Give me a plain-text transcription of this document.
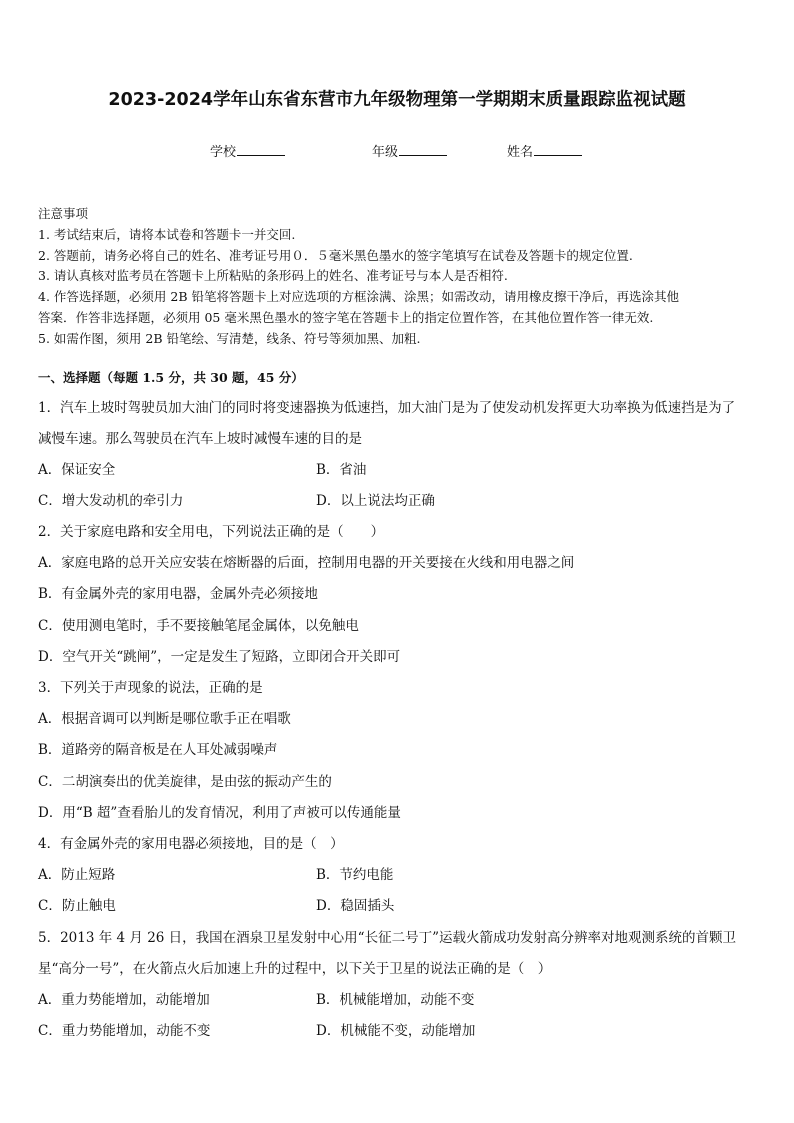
2023-2024学年山东省东营市九年级物理第一学期期末质量跟踪监视试题
学校	年级	姓名
注意事项
1. 考试结束后，请将本试卷和答题卡一并交回.
2. 答题前，请务必将自己的姓名、准考证号用０．５毫米黑色墨水的签字笔填写在试卷及答题卡的规定位置.
3. 请认真核对监考员在答题卡上所粘贴的条形码上的姓名、准考证号与本人是否相符.
4. 作答选择题，必须用 2B 铅笔将答题卡上对应选项的方框涂满、涂黑；如需改动，请用橡皮擦干净后，再选涂其他
答案．作答非选择题，必须用 05 毫米黑色墨水的签字笔在答题卡上的指定位置作答，在其他位置作答一律无效.
5. 如需作图，须用 2B 铅笔绘、写清楚，线条、符号等须加黑、加粗.
一、选择题（每题 1.5 分，共 30 题，45 分）
1．汽车上坡时驾驶员加大油门的同时将变速器换为低速挡，加大油门是为了使发动机发挥更大功率换为低速挡是为了
减慢车速。那么驾驶员在汽车上坡时减慢车速的目的是
A．保证安全	B．省油
C．增大发动机的牵引力	D．以上说法均正确
2．关于家庭电路和安全用电，下列说法正确的是（　　）
A．家庭电路的总开关应安装在熔断器的后面，控制用电器的开关要接在火线和用电器之间
B．有金属外壳的家用电器，金属外壳必须接地
C．使用测电笔时，手不要接触笔尾金属体，以免触电
D．空气开关“跳闸”，一定是发生了短路，立即闭合开关即可
3．下列关于声现象的说法，正确的是
A．根据音调可以判断是哪位歌手正在唱歌
B．道路旁的隔音板是在人耳处减弱噪声
C．二胡演奏出的优美旋律，是由弦的振动产生的
D．用“B 超”查看胎儿的发育情况，利用了声被可以传通能量
4．有金属外壳的家用电器必须接地，目的是（　）
A．防止短路	B．节约电能
C．防止触电	D．稳固插头
5．2013 年 4 月 26 日，我国在酒泉卫星发射中心用“长征二号丁”运载火箭成功发射高分辨率对地观测系统的首颗卫
星“高分一号”，在火箭点火后加速上升的过程中，以下关于卫星的说法正确的是（　）
A．重力势能增加，动能增加	B．机械能增加，动能不变
C．重力势能增加，动能不变	D．机械能不变，动能增加
